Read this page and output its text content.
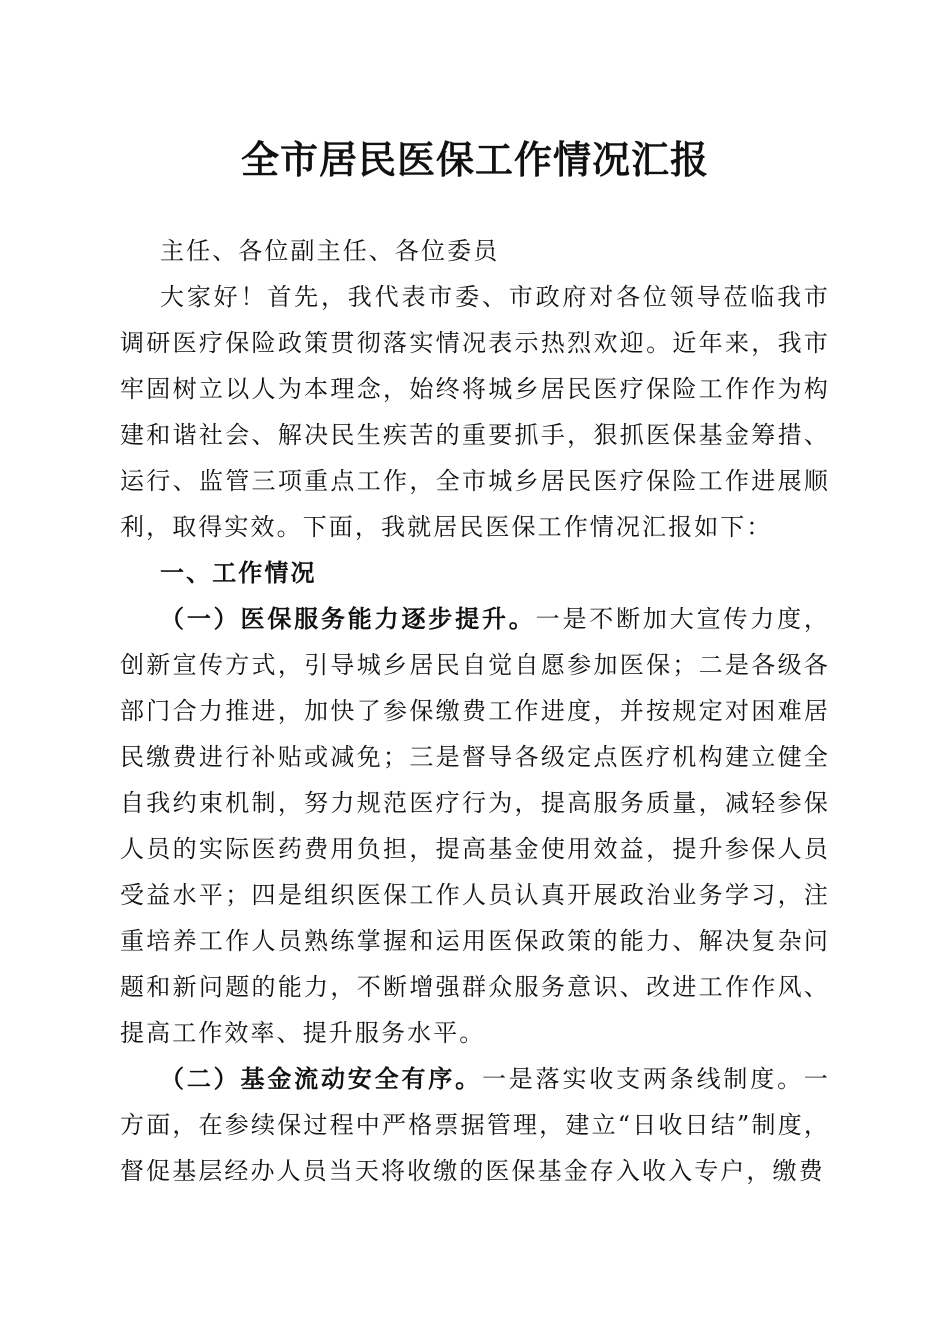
全市居民医保工作情况汇报

主任、各位副主任、各位委员

大家好！首先，我代表市委、市政府对各位领导莅临我市调研医疗保险政策贯彻落实情况表示热烈欢迎。近年来，我市牢固树立以人为本理念，始终将城乡居民医疗保险工作作为构建和谐社会、解决民生疾苦的重要抓手，狠抓医保基金筹措、运行、监管三项重点工作，全市城乡居民医疗保险工作进展顺利，取得实效。下面，我就居民医保工作情况汇报如下：

一、工作情况

（一）医保服务能力逐步提升。一是不断加大宣传力度，创新宣传方式，引导城乡居民自觉自愿参加医保；二是各级各部门合力推进，加快了参保缴费工作进度，并按规定对困难居民缴费进行补贴或减免；三是督导各级定点医疗机构建立健全自我约束机制，努力规范医疗行为，提高服务质量，减轻参保人员的实际医药费用负担，提高基金使用效益，提升参保人员受益水平；四是组织医保工作人员认真开展政治业务学习，注重培养工作人员熟练掌握和运用医保政策的能力、解决复杂问题和新问题的能力，不断增强群众服务意识、改进工作作风、提高工作效率、提升服务水平。

（二）基金流动安全有序。一是落实收支两条线制度。一方面，在参续保过程中严格票据管理，建立“日收日结”制度，督促基层经办人员当天将收缴的医保基金存入收入专户，缴费
